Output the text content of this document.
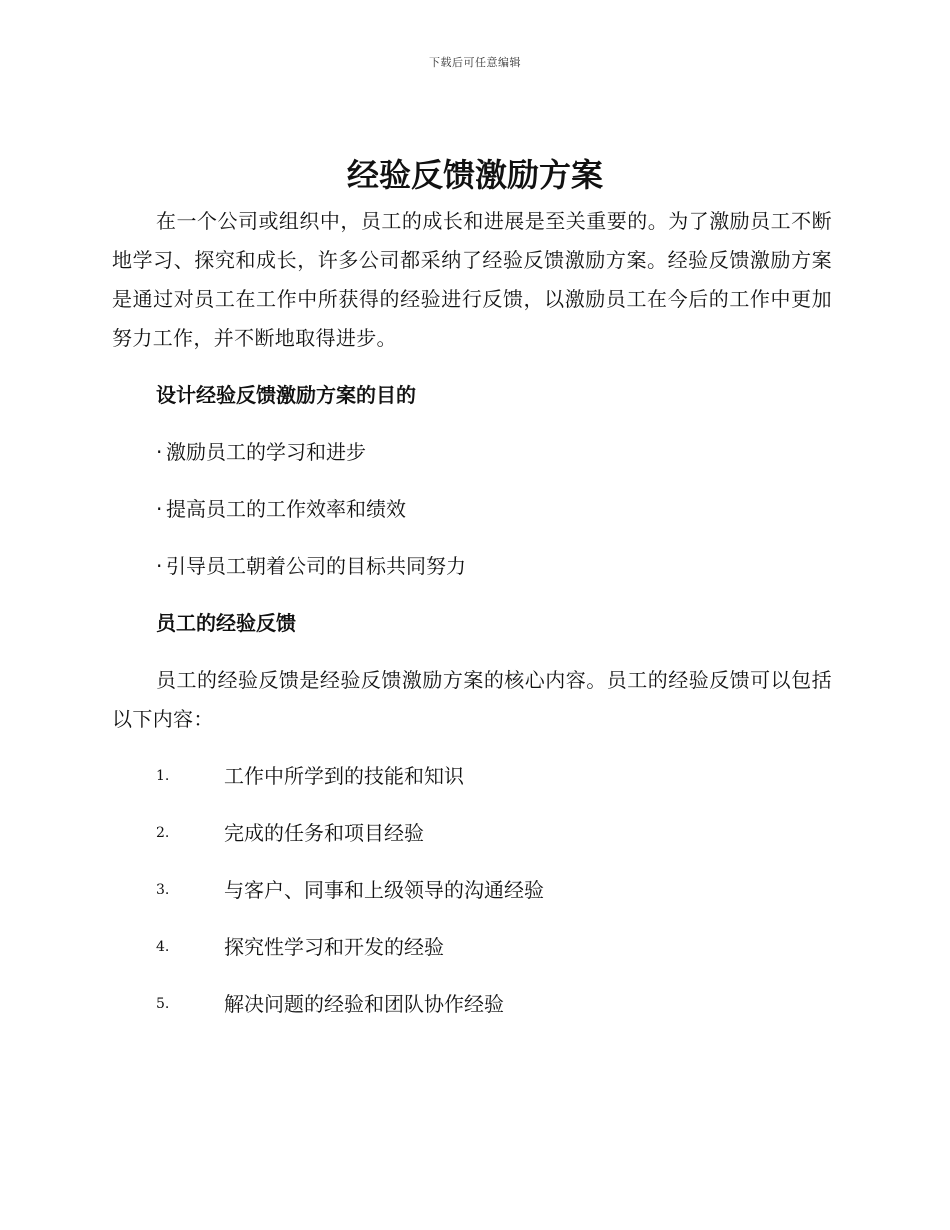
下载后可任意编辑
经验反馈激励方案

在一个公司或组织中，员工的成长和进展是至关重要的。为了激励员工不断地学习、探究和成长，许多公司都采纳了经验反馈激励方案。经验反馈激励方案是通过对员工在工作中所获得的经验进行反馈，以激励员工在今后的工作中更加努力工作，并不断地取得进步。

设计经验反馈激励方案的目的

· 激励员工的学习和进步

· 提高员工的工作效率和绩效

· 引导员工朝着公司的目标共同努力

员工的经验反馈

员工的经验反馈是经验反馈激励方案的核心内容。员工的经验反馈可以包括以下内容：

1.	工作中所学到的技能和知识

2.	完成的任务和项目经验

3.	与客户、同事和上级领导的沟通经验

4.	探究性学习和开发的经验

5.	解决问题的经验和团队协作经验
